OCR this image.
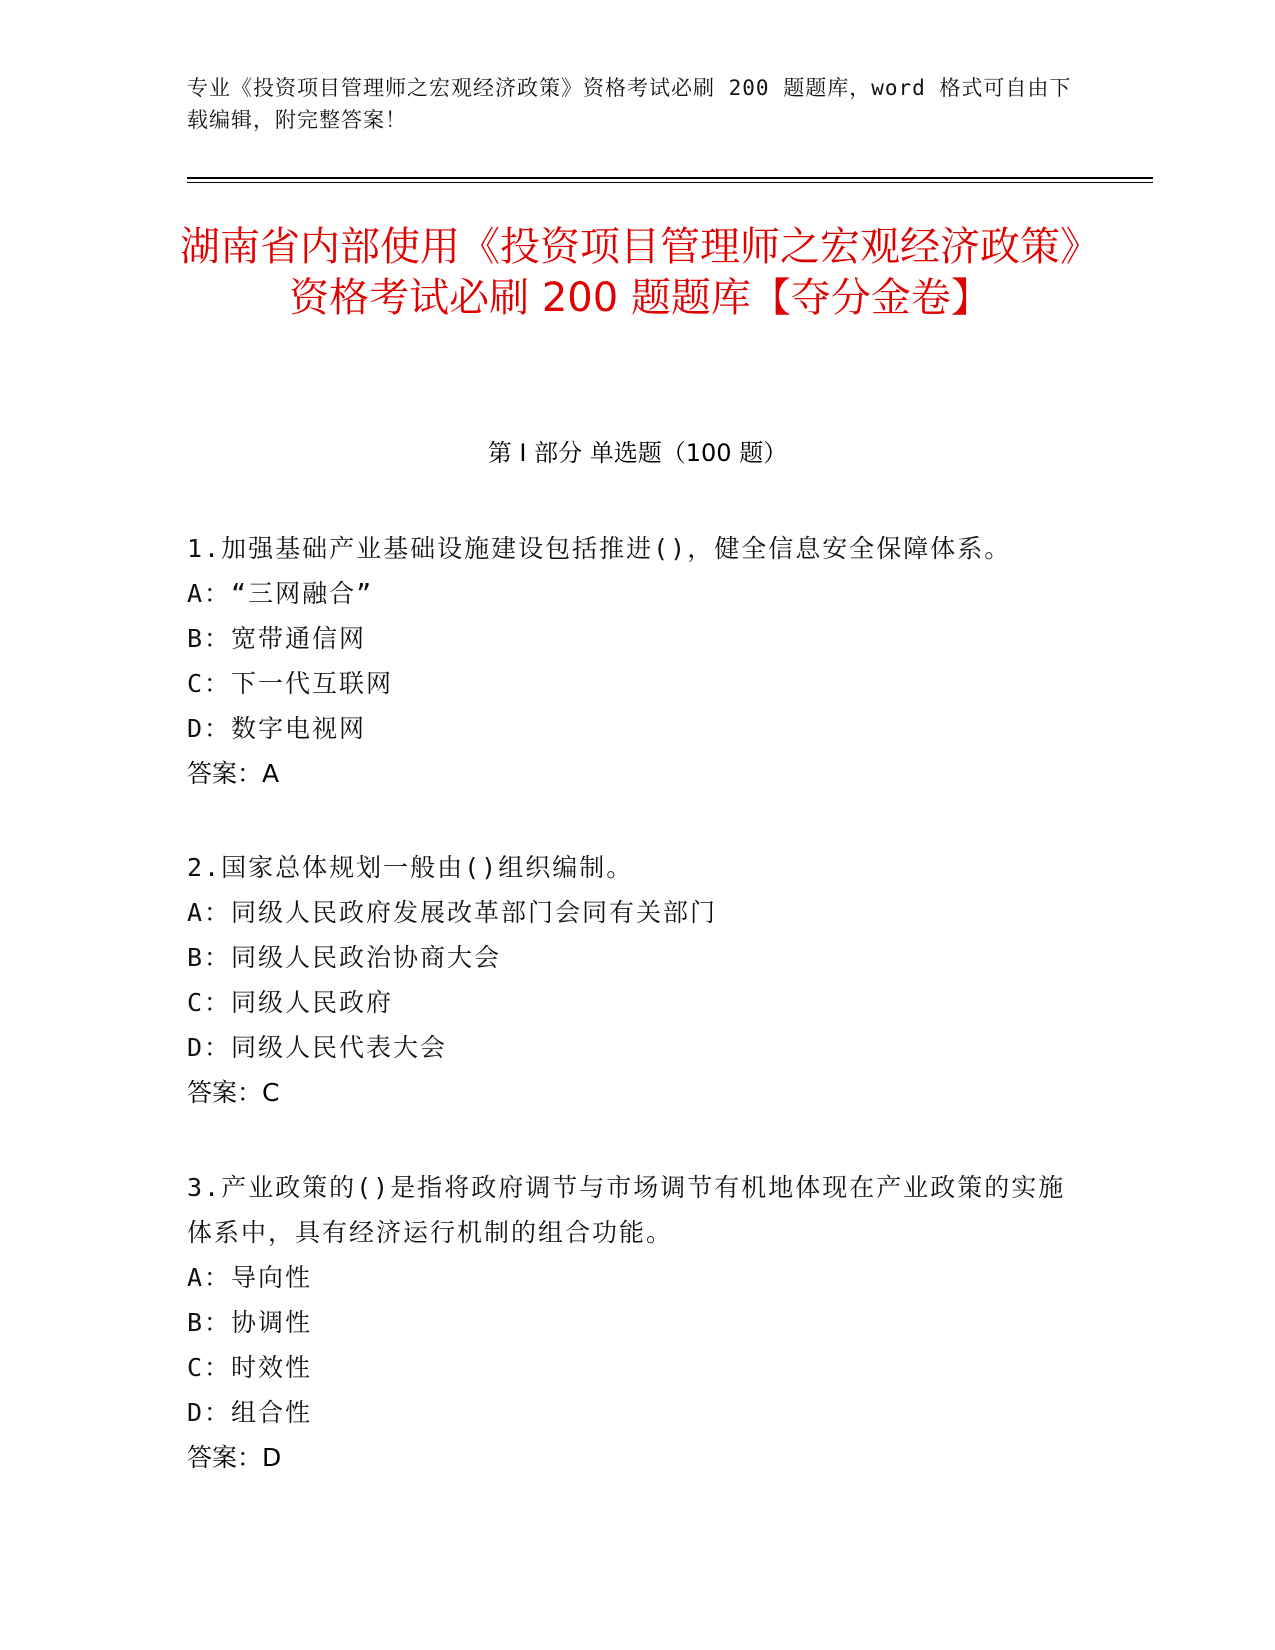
专业《投资项目管理师之宏观经济政策》资格考试必刷 200 题题库，word 格式可自由下载编辑，附完整答案！
湖南省内部使用《投资项目管理师之宏观经济政策》资格考试必刷 200 题题库【夺分金卷】
第 I 部分 单选题（100 题）
1.加强基础产业基础设施建设包括推进()，健全信息安全保障体系。
A：“三网融合”
B：宽带通信网
C：下一代互联网
D：数字电视网
答案：A
2.国家总体规划一般由()组织编制。
A：同级人民政府发展改革部门会同有关部门
B：同级人民政治协商大会
C：同级人民政府
D：同级人民代表大会
答案：C
3.产业政策的()是指将政府调节与市场调节有机地体现在产业政策的实施体系中，具有经济运行机制的组合功能。
A：导向性
B：协调性
C：时效性
D：组合性
答案：D
